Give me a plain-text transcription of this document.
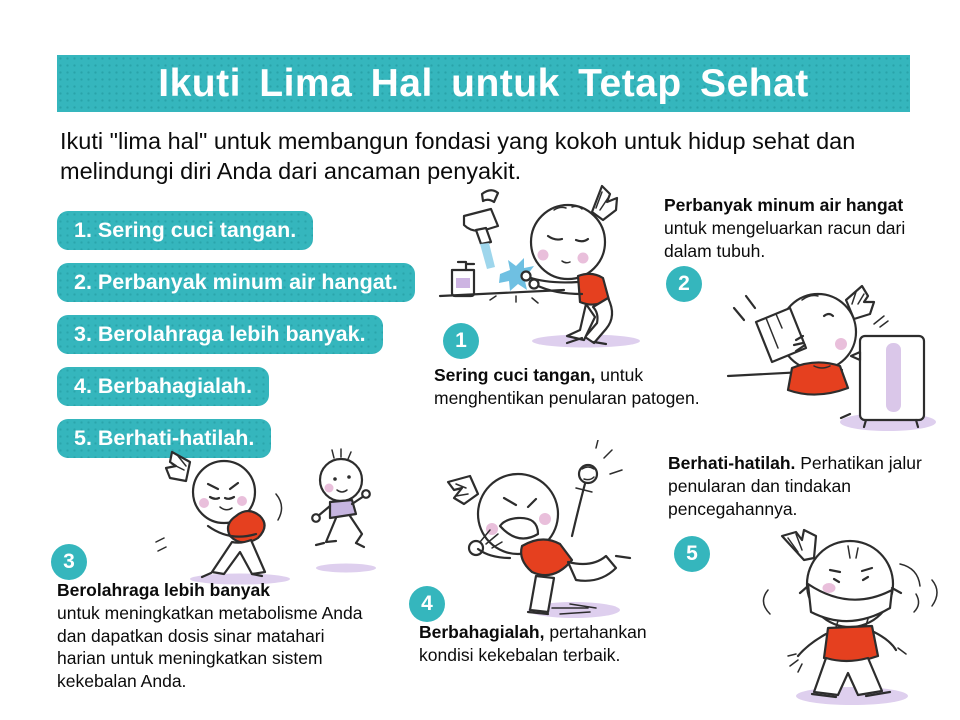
Ikuti Lima Hal untuk Tetap Sehat
Ikuti "lima hal" untuk membangun fondasi yang kokoh untuk hidup sehat dan melindungi diri Anda dari ancaman penyakit.
1. Sering cuci tangan.
2. Perbanyak minum air hangat.
3. Berolahraga lebih banyak.
4. Berbahagialah.
5. Berhati-hatilah.
1
2
3
4
5
Sering cuci tangan, untuk menghentikan penularan patogen.
Perbanyak minum air hangat untuk mengeluarkan racun dari dalam tubuh.
Berolahraga lebih banyak
untuk meningkatkan metabolisme Anda dan dapatkan dosis sinar matahari harian untuk meningkatkan sistem kekebalan Anda.
Berbahagialah, pertahankan kondisi kekebalan terbaik.
Berhati-hatilah. Perhatikan jalur penularan dan tindakan pencegahannya.
